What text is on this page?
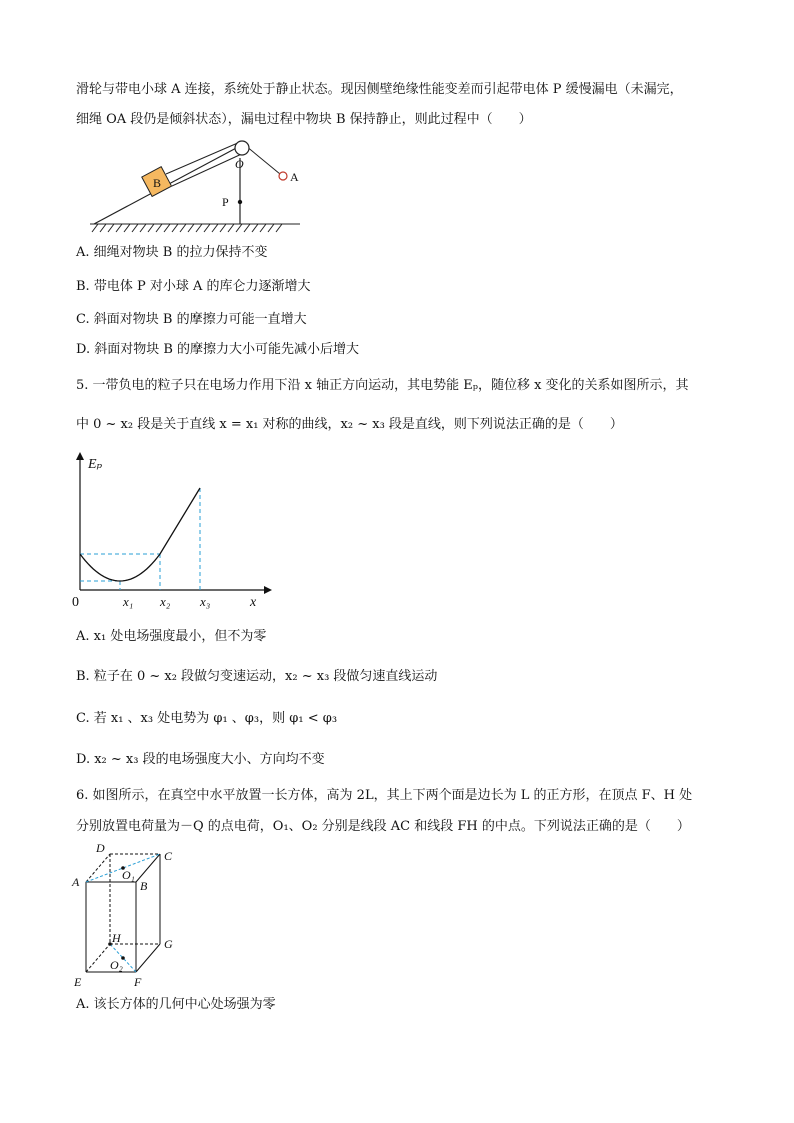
滑轮与带电小球 A 连接，系统处于静止状态。现因侧壁绝缘性能变差而引起带电体 P 缓慢漏电（未漏完，
细绳 OA 段仍是倾斜状态），漏电过程中物块 B 保持静止，则此过程中（　　）
B
O
A
P
A. 细绳对物块 B 的拉力保持不变
B. 带电体 P 对小球 A 的库仑力逐渐增大
C. 斜面对物块 B 的摩擦力可能一直增大
D. 斜面对物块 B 的摩擦力大小可能先减小后增大
5. 一带负电的粒子只在电场力作用下沿 x 轴正方向运动，其电势能 Eₚ，随位移 x 变化的关系如图所示，其
中 0 ~ x₂ 段是关于直线 x = x₁ 对称的曲线，x₂ ~ x₃ 段是直线，则下列说法正确的是（　　）
Eₚ
x
0	x₁ x₂ x₃
A. x₁ 处电场强度最小，但不为零
B. 粒子在 0 ~ x₂ 段做匀变速运动，x₂ ~ x₃ 段做匀速直线运动
C. 若 x₁ 、x₃ 处电势为 φ₁ 、φ₃，则 φ₁ < φ₃
D. x₂ ~ x₃ 段的电场强度大小、方向均不变
6. 如图所示，在真空中水平放置一长方体，高为 2L，其上下两个面是边长为 L 的正方形，在顶点 F、H 处
分别放置电荷量为－Q 的点电荷，O₁、O₂ 分别是线段 AC 和线段 FH 的中点。下列说法正确的是（　　）
D
C
A	B
O₁
H	G
O₂
E	F
A. 该长方体的几何中心处场强为零
